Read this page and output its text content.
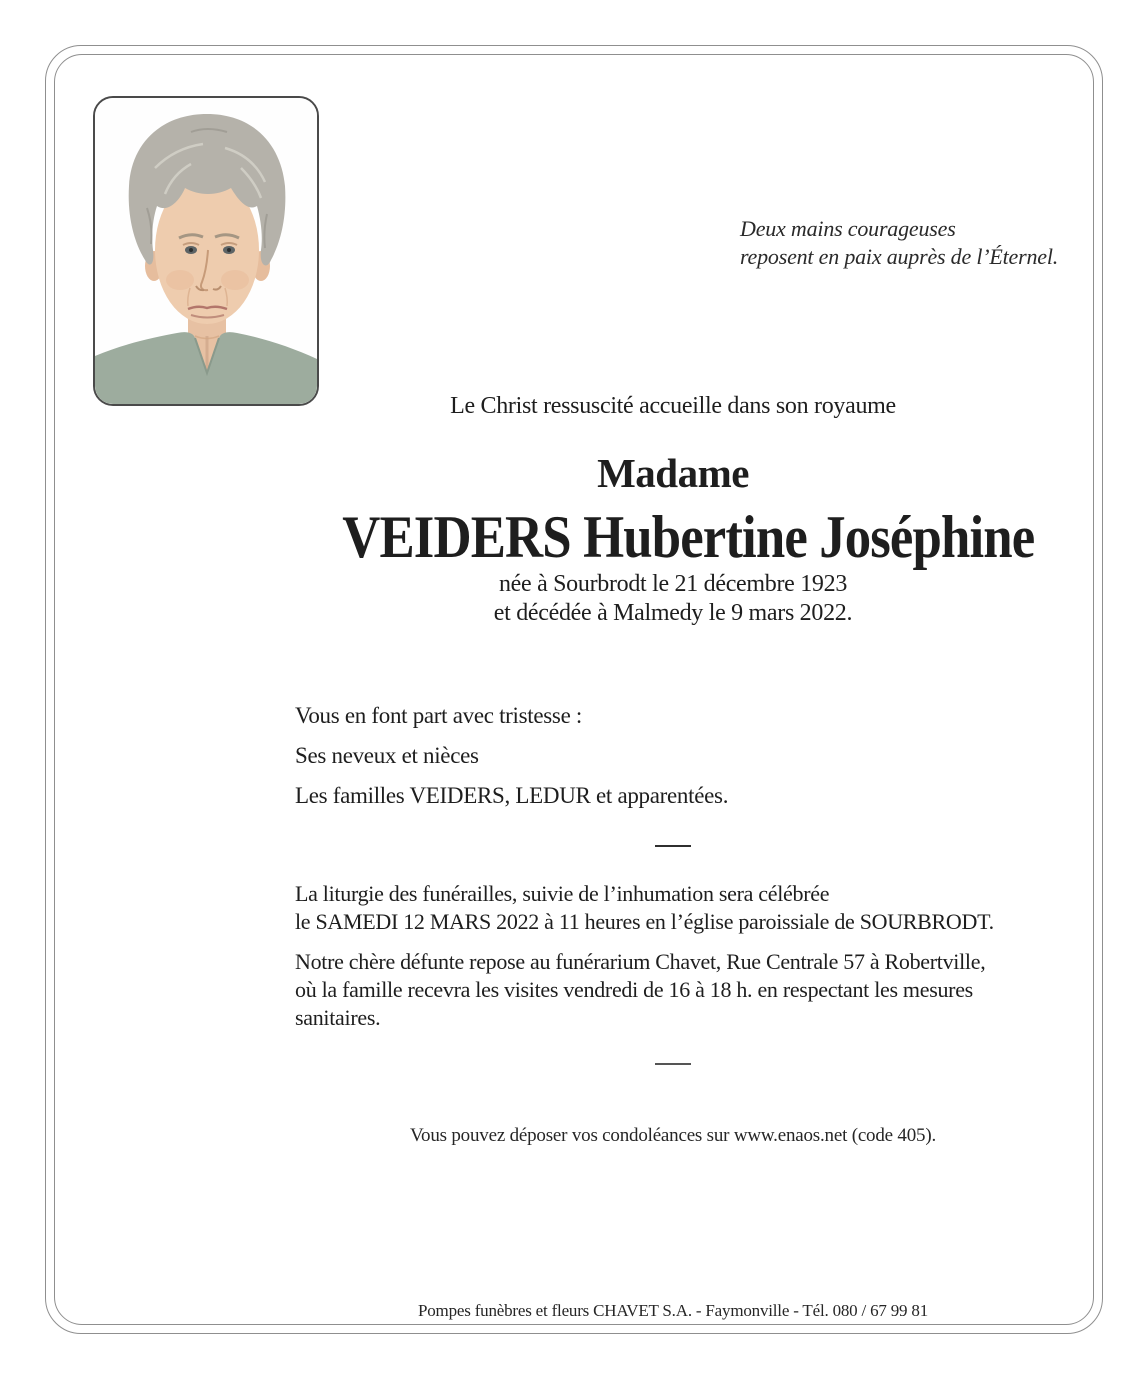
Deux mains courageuses
reposent en paix auprès de l’Éternel.
Le Christ ressuscité accueille dans son royaume
Madame
VEIDERS Hubertine Joséphine
née à Sourbrodt le 21 décembre 1923
et décédée à Malmedy le 9 mars 2022.
Vous en font part avec tristesse :
Ses neveux et nièces
Les familles VEIDERS, LEDUR et apparentées.
La liturgie des funérailles, suivie de l’inhumation sera célébrée
le SAMEDI 12 MARS 2022 à 11 heures en l’église paroissiale de SOURBRODT.
Notre chère défunte repose au funérarium Chavet, Rue Centrale 57 à Robertville,
où la famille recevra les visites vendredi de 16 à 18 h. en respectant les mesures
sanitaires.
Vous pouvez déposer vos condoléances sur www.enaos.net (code 405).
Pompes funèbres et fleurs CHAVET S.A. - Faymonville - Tél. 080 / 67 99 81
